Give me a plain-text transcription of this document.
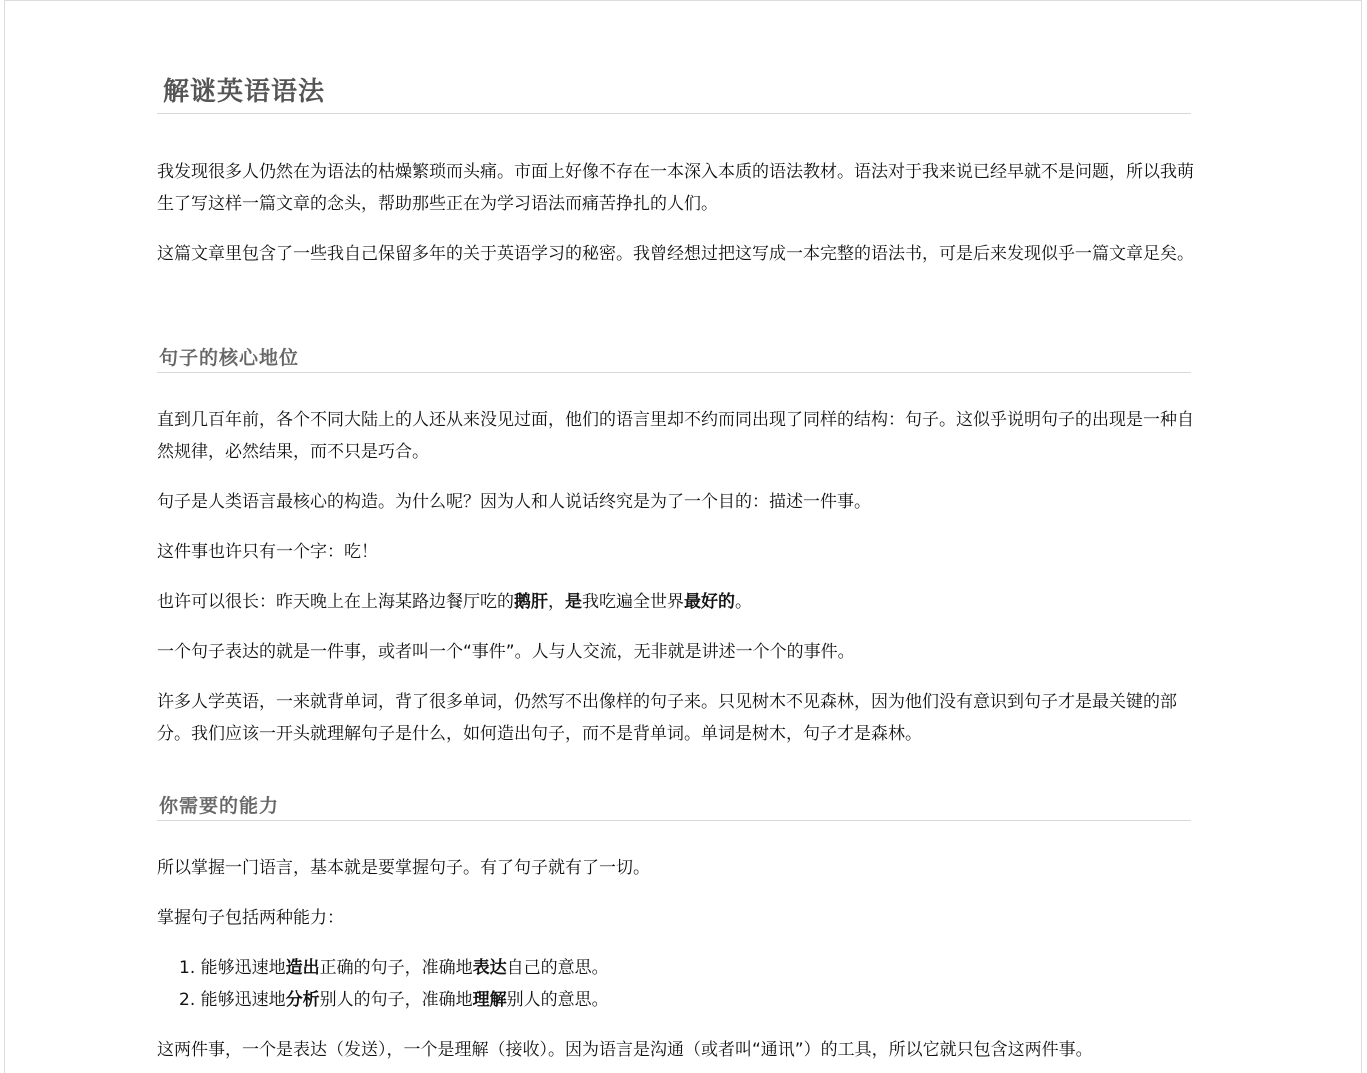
解谜英语语法

我发现很多人仍然在为语法的枯燥繁琐而头痛。市面上好像不存在一本深入本质的语法教材。语法对于我来说已经早就不是问题，所以我萌生了写这样一篇文章的念头，帮助那些正在为学习语法而痛苦挣扎的人们。

这篇文章里包含了一些我自己保留多年的关于英语学习的秘密。我曾经想过把这写成一本完整的语法书，可是后来发现似乎一篇文章足矣。

句子的核心地位

直到几百年前，各个不同大陆上的人还从来没见过面，他们的语言里却不约而同出现了同样的结构：句子。这似乎说明句子的出现是一种自然规律，必然结果，而不只是巧合。

句子是人类语言最核心的构造。为什么呢？因为人和人说话终究是为了一个目的：描述一件事。

这件事也许只有一个字：吃！

也许可以很长：昨天晚上在上海某路边餐厅吃的鹅肝，是我吃遍全世界最好的。

一个句子表达的就是一件事，或者叫一个“事件”。人与人交流，无非就是讲述一个个的事件。

许多人学英语，一来就背单词，背了很多单词，仍然写不出像样的句子来。只见树木不见森林，因为他们没有意识到句子才是最关键的部分。我们应该一开头就理解句子是什么，如何造出句子，而不是背单词。单词是树木，句子才是森林。

你需要的能力

所以掌握一门语言，基本就是要掌握句子。有了句子就有了一切。

掌握句子包括两种能力：

1. 能够迅速地造出正确的句子，准确地表达自己的意思。
2. 能够迅速地分析别人的句子，准确地理解别人的意思。

这两件事，一个是表达（发送），一个是理解（接收）。因为语言是沟通（或者叫“通讯”）的工具，所以它就只包含这两件事。
